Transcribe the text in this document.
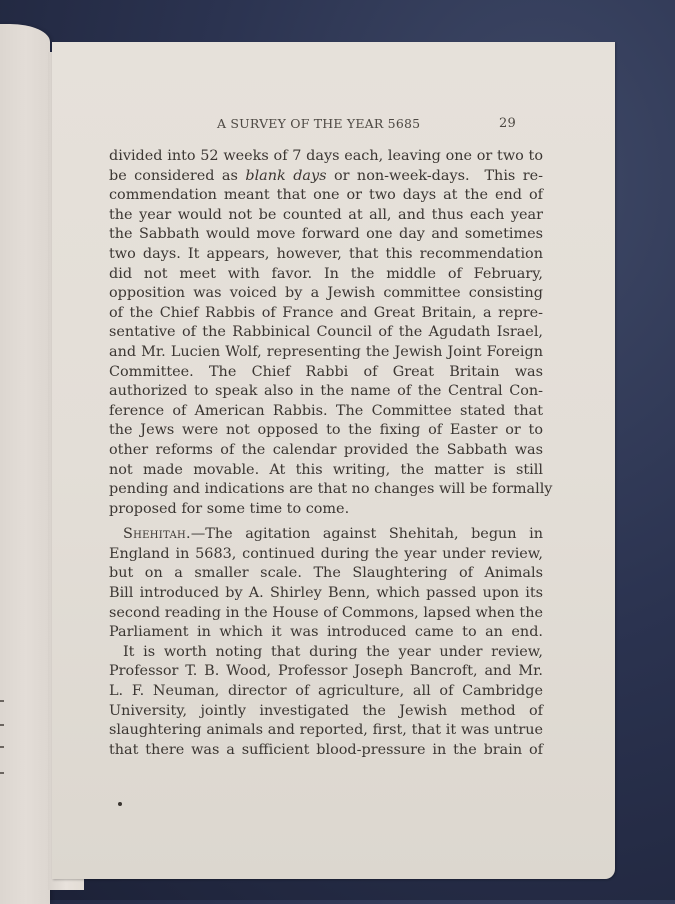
A SURVEY OF THE YEAR 5685	29

divided into 52 weeks of 7 days each, leaving one or two to
be considered as blank days or non-week-days.  This re-
commendation meant that one or two days at the end of
the year would not be counted at all, and thus each year
the Sabbath would move forward one day and sometimes
two days. It appears, however, that this recommendation
did not meet with favor. In the middle of February,
opposition was voiced by a Jewish committee consisting
of the Chief Rabbis of France and Great Britain, a repre-
sentative of the Rabbinical Council of the Agudath Israel,
and Mr. Lucien Wolf, representing the Jewish Joint Foreign
Committee. The Chief Rabbi of Great Britain was
authorized to speak also in the name of the Central Con-
ference of American Rabbis. The Committee stated that
the Jews were not opposed to the fixing of Easter or to
other reforms of the calendar provided the Sabbath was
not made movable. At this writing, the matter is still
pending and indications are that no changes will be formally
proposed for some time to come.

Shehitah.—The agitation against Shehitah, begun in
England in 5683, continued during the year under review,
but on a smaller scale. The Slaughtering of Animals
Bill introduced by A. Shirley Benn, which passed upon its
second reading in the House of Commons, lapsed when the
Parliament in which it was introduced came to an end.

It is worth noting that during the year under review,
Professor T. B. Wood, Professor Joseph Bancroft, and Mr.
L. F. Neuman, director of agriculture, all of Cambridge
University, jointly investigated the Jewish method of
slaughtering animals and reported, first, that it was untrue
that there was a sufficient blood-pressure in the brain of
